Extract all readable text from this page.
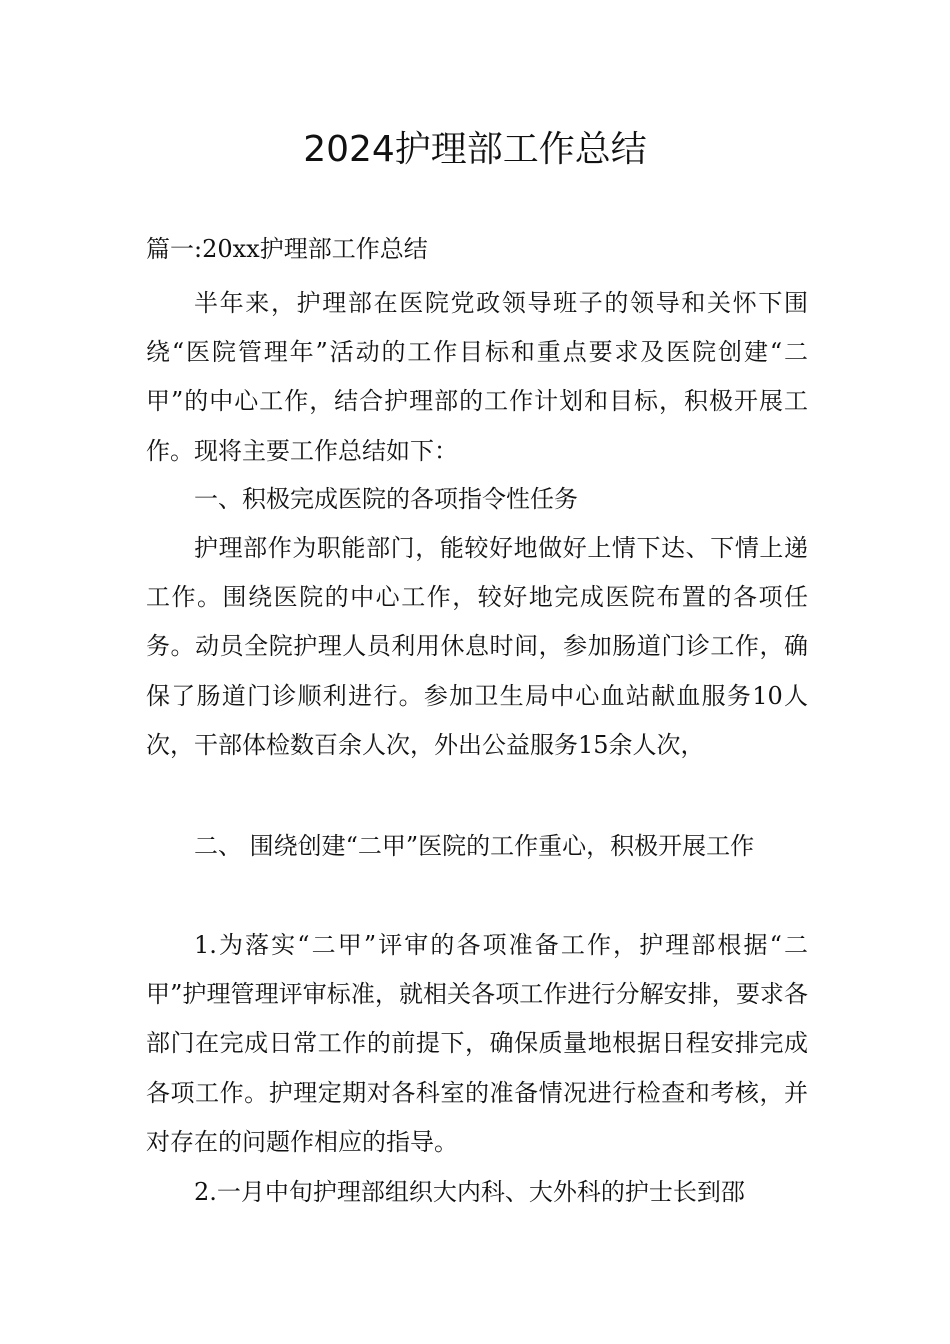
2024护理部工作总结
篇一:20xx护理部工作总结
半年来，护理部在医院党政领导班子的领导和关怀下围绕“医院管理年”活动的工作目标和重点要求及医院创建“二甲”的中心工作，结合护理部的工作计划和目标，积极开展工作。现将主要工作总结如下：
一、积极完成医院的各项指令性任务
护理部作为职能部门，能较好地做好上情下达、下情上递工作。围绕医院的中心工作，较好地完成医院布置的各项任务。动员全院护理人员利用休息时间，参加肠道门诊工作，确保了肠道门诊顺利进行。参加卫生局中心血站献血服务10人次，干部体检数百余人次，外出公益服务15余人次，
二、 围绕创建“二甲”医院的工作重心，积极开展工作
1.为落实“二甲”评审的各项准备工作，护理部根据“二甲”护理管理评审标准，就相关各项工作进行分解安排，要求各部门在完成日常工作的前提下，确保质量地根据日程安排完成各项工作。护理定期对各科室的准备情况进行检查和考核，并对存在的问题作相应的指导。
2.一月中旬护理部组织大内科、大外科的护士长到邵
